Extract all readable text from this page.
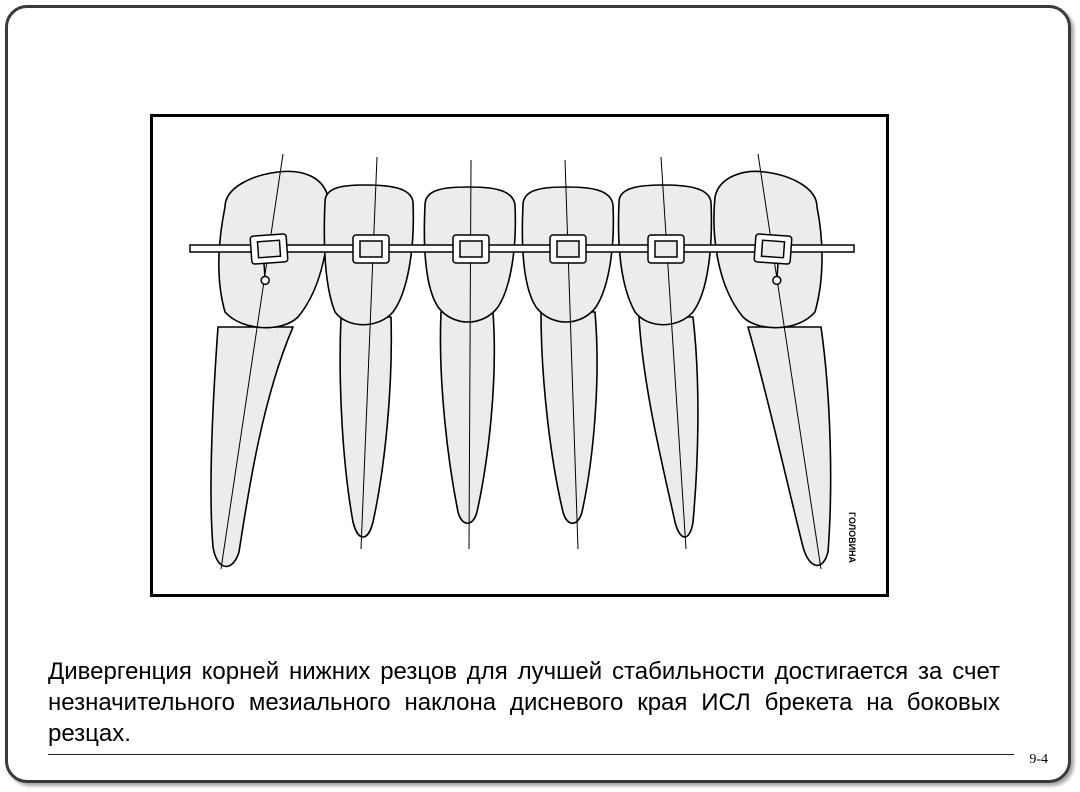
ГОЛОВИНА
Дивергенция корней нижних резцов для лучшей стабильности достигается за счет незначительного мезиального наклона дисневого края ИСЛ брекета на боковых резцах.
9-4
